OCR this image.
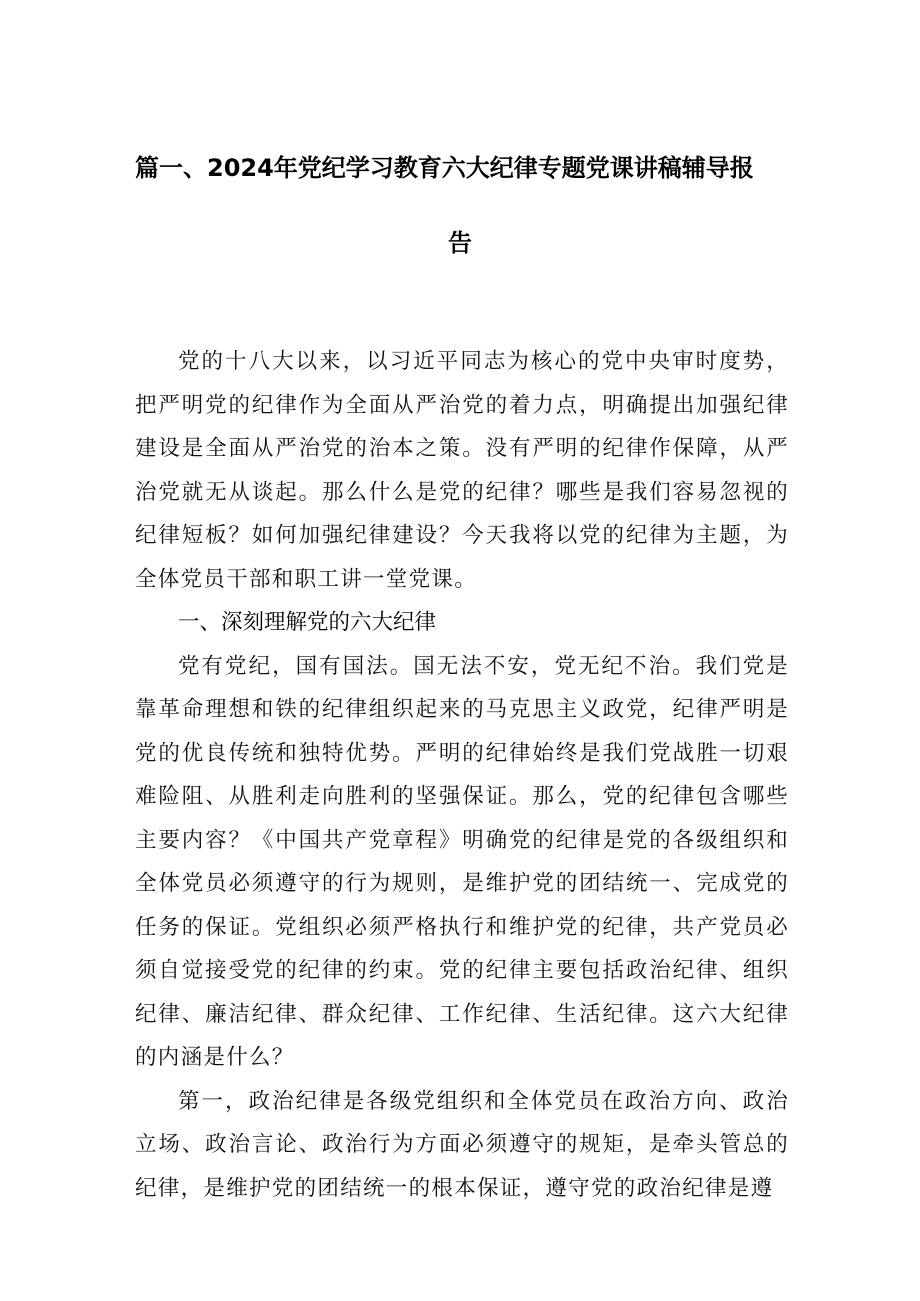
篇一、2024年党纪学习教育六大纪律专题党课讲稿辅导报
告

党的十八大以来，以习近平同志为核心的党中央审时度势，把严明党的纪律作为全面从严治党的着力点，明确提出加强纪律建设是全面从严治党的治本之策。没有严明的纪律作保障，从严治党就无从谈起。那么什么是党的纪律？哪些是我们容易忽视的纪律短板？如何加强纪律建设？今天我将以党的纪律为主题，为全体党员干部和职工讲一堂党课。

一、深刻理解党的六大纪律

党有党纪，国有国法。国无法不安，党无纪不治。我们党是靠革命理想和铁的纪律组织起来的马克思主义政党，纪律严明是党的优良传统和独特优势。严明的纪律始终是我们党战胜一切艰难险阻、从胜利走向胜利的坚强保证。那么，党的纪律包含哪些主要内容？《中国共产党章程》明确党的纪律是党的各级组织和全体党员必须遵守的行为规则，是维护党的团结统一、完成党的任务的保证。党组织必须严格执行和维护党的纪律，共产党员必须自觉接受党的纪律的约束。党的纪律主要包括政治纪律、组织纪律、廉洁纪律、群众纪律、工作纪律、生活纪律。这六大纪律的内涵是什么？

第一，政治纪律是各级党组织和全体党员在政治方向、政治立场、政治言论、政治行为方面必须遵守的规矩，是牵头管总的纪律，是维护党的团结统一的根本保证，遵守党的政治纪律是遵
